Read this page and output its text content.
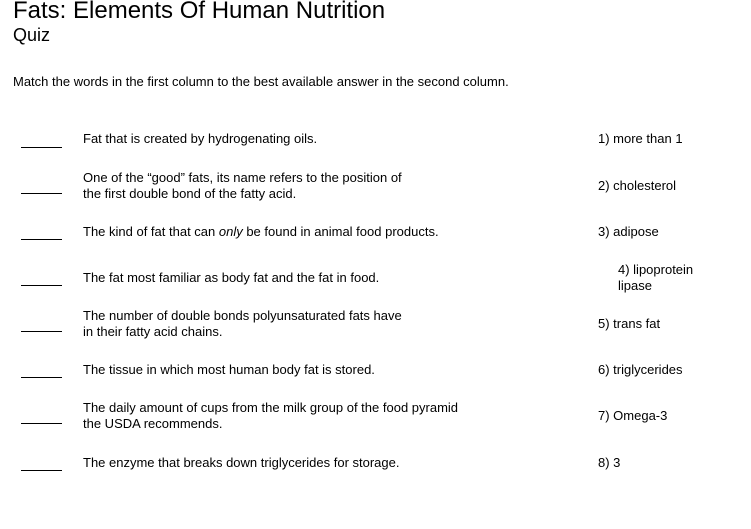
Fats: Elements Of Human Nutrition
Quiz
Match the words in the first column to the best available answer in the second column.
Fat that is created by hydrogenating oils.	1) more than 1
One of the “good” fats, its name refers to the position of
the first double bond of the fatty acid.
2) cholesterol
The kind of fat that can only be found in animal food products.	3) adipose
The fat most familiar as body fat and the fat in food.
4) lipoprotein
lipase
The number of double bonds polyunsaturated fats have
in their fatty acid chains.
5) trans fat
The tissue in which most human body fat is stored.	6) triglycerides
The daily amount of cups from the milk group of the food pyramid
the USDA recommends.
7) Omega-3
The enzyme that breaks down triglycerides for storage.	8) 3
